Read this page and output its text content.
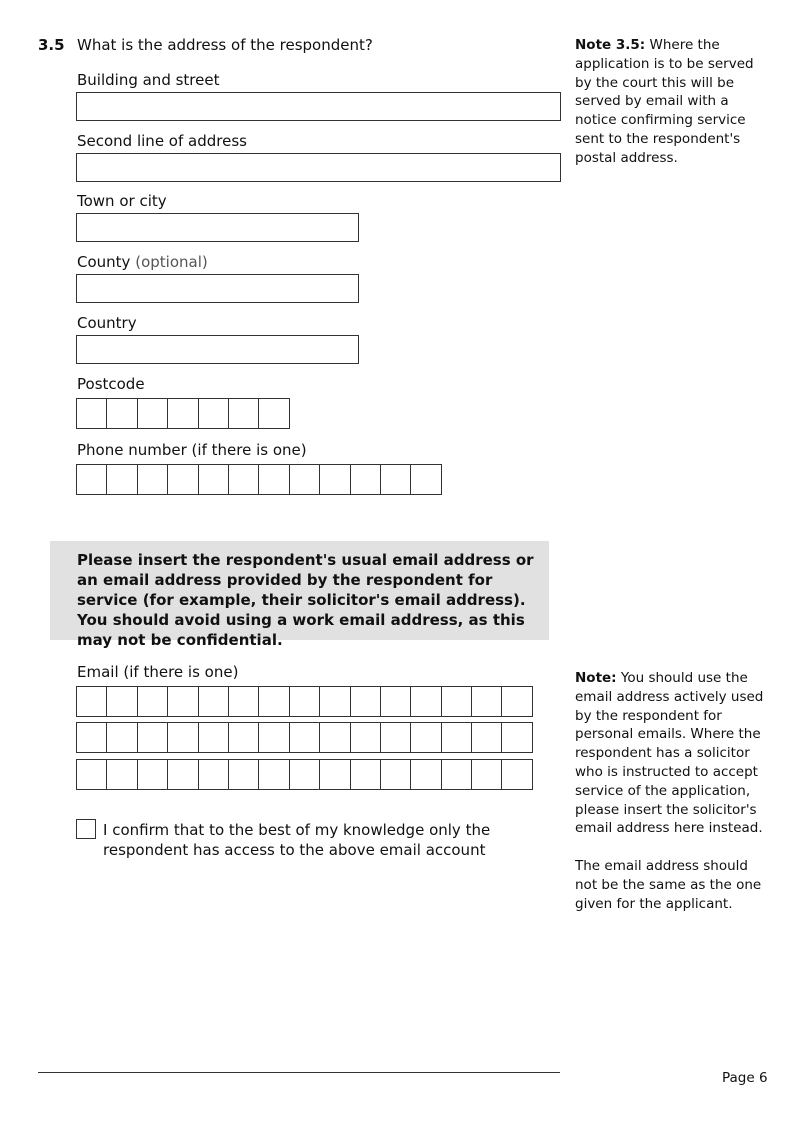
3.5 What is the address of the respondent?
Building and street
Second line of address
Town or city
County (optional)
Country
Postcode
Phone number (if there is one)
Note 3.5: Where the application is to be served by the court this will be served by email with a notice confirming service sent to the respondent's postal address.
Please insert the respondent's usual email address or an email address provided by the respondent for service (for example, their solicitor's email address). You should avoid using a work email address, as this may not be confidential.
Email (if there is one)	Note: You should use the email address actively used by the respondent for personal emails. Where the respondent has a solicitor who is instructed to accept service of the application, please insert the solicitor's email address here instead.

The email address should not be the same as the one given for the applicant.
I confirm that to the best of my knowledge only the respondent has access to the above email account
Page 6
